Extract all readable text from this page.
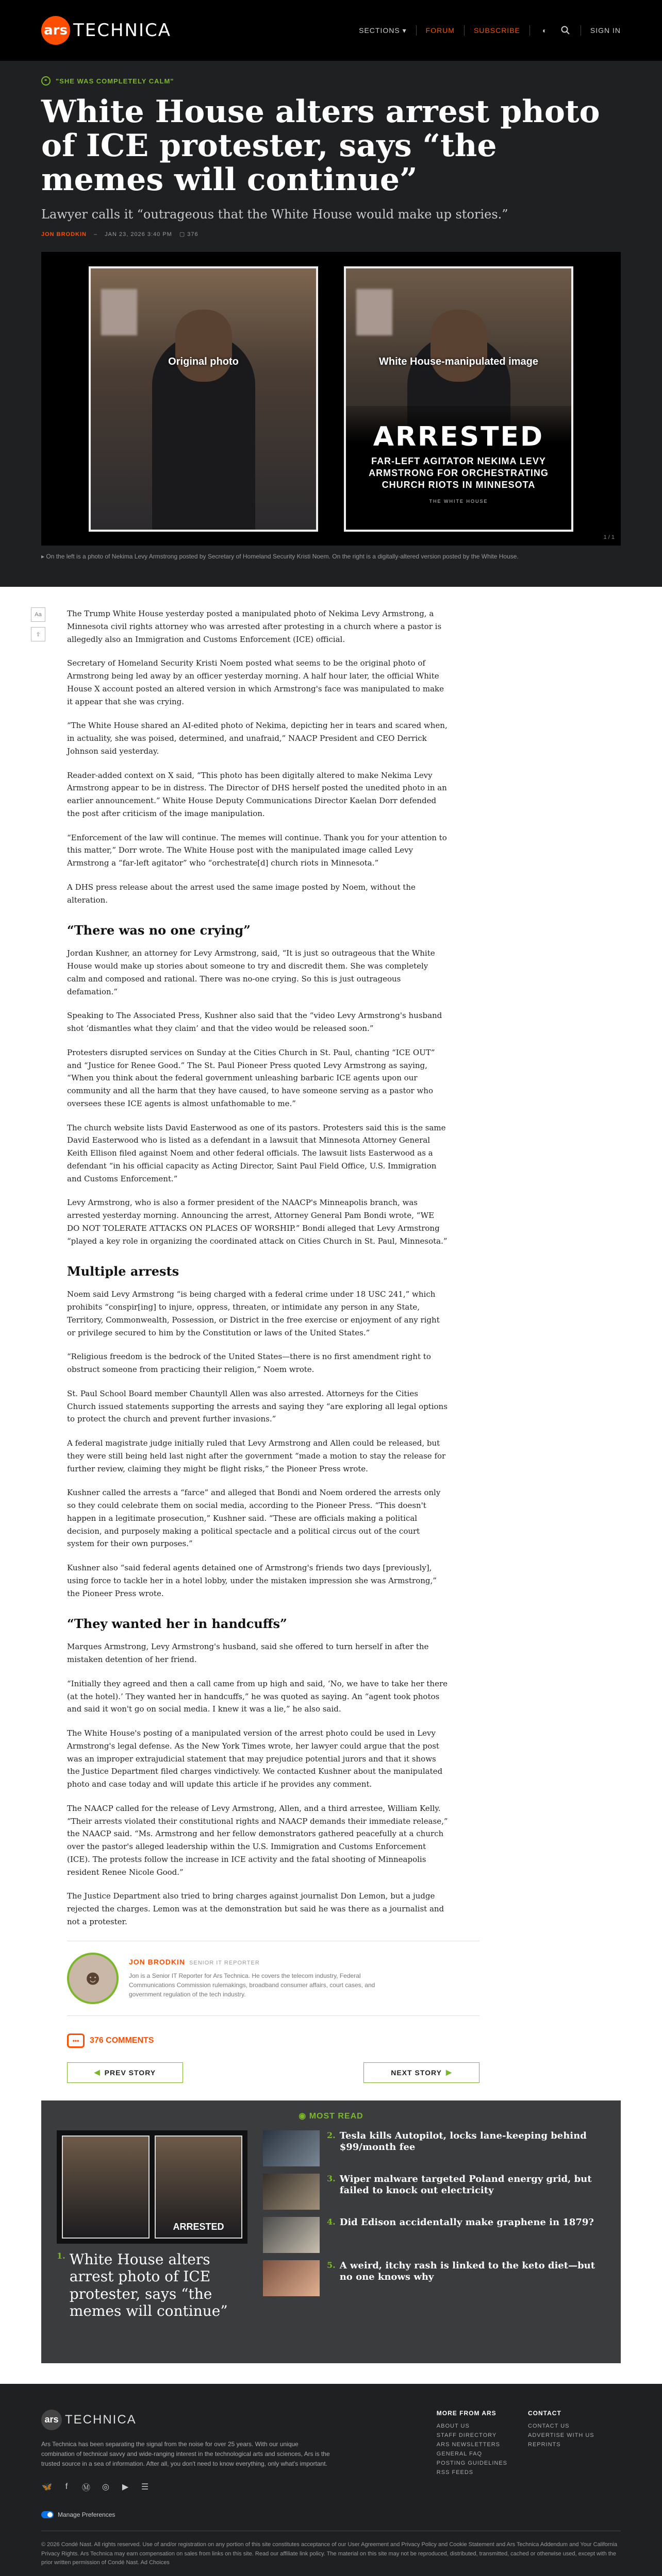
ars TECHNICA	SECTIONS ▾	FORUM	SUBSCRIBE	◐	SIGN IN
❝	"SHE WAS COMPLETELY CALM"
White House alters arrest photo of ICE protester, says “the memes will continue”

Lawyer calls it “outrageous that the White House would make up stories.”

JON BRODKIN – JAN 23, 2026 3:40 PM ▢ 376
Original photo	White House-manipulated image
ARRESTED
FAR-LEFT AGITATOR NEKIMA LEVY ARMSTRONG FOR ORCHESTRATING CHURCH RIOTS IN MINNESOTA
THE WHITE HOUSE
1 / 1

▸ On the left is a photo of Nekima Levy Armstrong posted by Secretary of Homeland Security Kristi Noem. On the right is a digitally-altered version posted by the White House.

Aa
⇪

The Trump White House yesterday posted a manipulated photo of Nekima Levy Armstrong, a Minnesota civil rights attorney who was arrested after protesting in a church where a pastor is allegedly also an Immigration and Customs Enforcement (ICE) official.

Secretary of Homeland Security Kristi Noem posted what seems to be the original photo of Armstrong being led away by an officer yesterday morning. A half hour later, the official White House X account posted an altered version in which Armstrong's face was manipulated to make it appear that she was crying.

“The White House shared an AI-edited photo of Nekima, depicting her in tears and scared when, in actuality, she was poised, determined, and unafraid,” NAACP President and CEO Derrick Johnson said yesterday.

Reader-added context on X said, “This photo has been digitally altered to make Nekima Levy Armstrong appear to be in distress. The Director of DHS herself posted the unedited photo in an earlier announcement.” White House Deputy Communications Director Kaelan Dorr defended the post after criticism of the image manipulation.

“Enforcement of the law will continue. The memes will continue. Thank you for your attention to this matter,” Dorr wrote. The White House post with the manipulated image called Levy Armstrong a “far-left agitator” who “orchestrate[d] church riots in Minnesota.”

A DHS press release about the arrest used the same image posted by Noem, without the alteration.

“There was no one crying”

Jordan Kushner, an attorney for Levy Armstrong, said, “It is just so outrageous that the White House would make up stories about someone to try and discredit them. She was completely calm and composed and rational. There was no-one crying. So this is just outrageous defamation.”

Speaking to The Associated Press, Kushner also said that the “video Levy Armstrong's husband shot ‘dismantles what they claim’ and that the video would be released soon.”

Protesters disrupted services on Sunday at the Cities Church in St. Paul, chanting “ICE OUT” and “Justice for Renee Good.” The St. Paul Pioneer Press quoted Levy Armstrong as saying, “When you think about the federal government unleashing barbaric ICE agents upon our community and all the harm that they have caused, to have someone serving as a pastor who oversees these ICE agents is almost unfathomable to me.”

The church website lists David Easterwood as one of its pastors. Protesters said this is the same David Easterwood who is listed as a defendant in a lawsuit that Minnesota Attorney General Keith Ellison filed against Noem and other federal officials. The lawsuit lists Easterwood as a defendant “in his official capacity as Acting Director, Saint Paul Field Office, U.S. Immigration and Customs Enforcement.”

Levy Armstrong, who is also a former president of the NAACP's Minneapolis branch, was arrested yesterday morning. Announcing the arrest, Attorney General Pam Bondi wrote, “WE DO NOT TOLERATE ATTACKS ON PLACES OF WORSHIP.” Bondi alleged that Levy Armstrong “played a key role in organizing the coordinated attack on Cities Church in St. Paul, Minnesota.”

Multiple arrests

Noem said Levy Armstrong “is being charged with a federal crime under 18 USC 241,” which prohibits “conspir[ing] to injure, oppress, threaten, or intimidate any person in any State, Territory, Commonwealth, Possession, or District in the free exercise or enjoyment of any right or privilege secured to him by the Constitution or laws of the United States.”

“Religious freedom is the bedrock of the United States—there is no first amendment right to obstruct someone from practicing their religion,” Noem wrote.

St. Paul School Board member Chauntyll Allen was also arrested. Attorneys for the Cities Church issued statements supporting the arrests and saying they “are exploring all legal options to protect the church and prevent further invasions.”

A federal magistrate judge initially ruled that Levy Armstrong and Allen could be released, but they were still being held last night after the government “made a motion to stay the release for further review, claiming they might be flight risks,” the Pioneer Press wrote.

Kushner called the arrests a “farce” and alleged that Bondi and Noem ordered the arrests only so they could celebrate them on social media, according to the Pioneer Press. “This doesn't happen in a legitimate prosecution,” Kushner said. “These are officials making a political decision, and purposely making a political spectacle and a political circus out of the court system for their own purposes.”

Kushner also “said federal agents detained one of Armstrong's friends two days [previously], using force to tackle her in a hotel lobby, under the mistaken impression she was Armstrong,” the Pioneer Press wrote.

“They wanted her in handcuffs”

Marques Armstrong, Levy Armstrong's husband, said she offered to turn herself in after the mistaken detention of her friend.

“Initially they agreed and then a call came from up high and said, ‘No, we have to take her there (at the hotel).’ They wanted her in handcuffs,” he was quoted as saying. An “agent took photos and said it won't go on social media. I knew it was a lie,” he also said.

The White House's posting of a manipulated version of the arrest photo could be used in Levy Armstrong's legal defense. As the New York Times wrote, her lawyer could argue that the post was an improper extrajudicial statement that may prejudice potential jurors and that it shows the Justice Department filed charges vindictively. We contacted Kushner about the manipulated photo and case today and will update this article if he provides any comment.

The NAACP called for the release of Levy Armstrong, Allen, and a third arrestee, William Kelly. “Their arrests violated their constitutional rights and NAACP demands their immediate release,” the NAACP said. “Ms. Armstrong and her fellow demonstrators gathered peacefully at a church over the pastor's alleged leadership within the U.S. Immigration and Customs Enforcement (ICE). The protests follow the increase in ICE activity and the fatal shooting of Minneapolis resident Renee Nicole Good.”

The Justice Department also tried to bring charges against journalist Don Lemon, but a judge rejected the charges. Lemon was at the demonstration but said he was there as a journalist and not a protester.

☻
JON BRODKIN SENIOR IT REPORTER

Jon is a Senior IT Reporter for Ars Technica. He covers the telecom industry, Federal Communications Commission rulemakings, broadband consumer affairs, court cases, and government regulation of the tech industry.

•••	376 COMMENTS
◀ PREV STORY	NEXT STORY ▶
◉ MOST READ
ARRESTED
1. White House alters arrest photo of ICE protester, says “the memes will continue”
2. Tesla kills Autopilot, locks lane-keeping behind $99/month fee
3. Wiper malware targeted Poland energy grid, but failed to knock out electricity
4. Did Edison accidentally make graphene in 1879?
5. A weird, itchy rash is linked to the keto diet—but no one knows why
ars TECHNICA

Ars Technica has been separating the signal from the noise for over 25 years. With our unique combination of technical savvy and wide-ranging interest in the technological arts and sciences, Ars is the trusted source in a sea of information. After all, you don't need to know everything, only what's important.

🦋	f	Ⓜ ◎	▶	☰
MORE FROM ARS
ABOUT US
STAFF DIRECTORY
ARS NEWSLETTERS
GENERAL FAQ
POSTING GUIDELINES
RSS FEEDS
CONTACT
CONTACT US
ADVERTISE WITH US
REPRINTS
Manage Preferences

© 2026 Condé Nast. All rights reserved. Use of and/or registration on any portion of this site constitutes acceptance of our User Agreement and Privacy Policy and Cookie Statement and Ars Technica Addendum and Your California Privacy Rights. Ars Technica may earn compensation on sales from links on this site. Read our affiliate link policy. The material on this site may not be reproduced, distributed, transmitted, cached or otherwise used, except with the prior written permission of Condé Nast. Ad Choices
